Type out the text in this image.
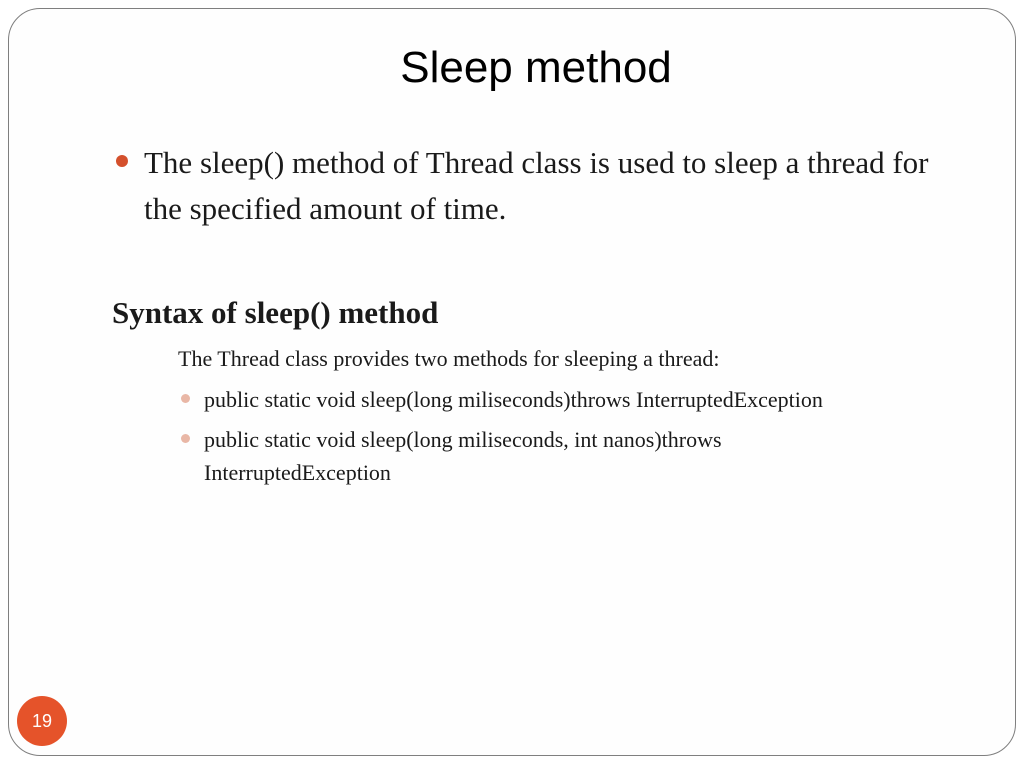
Sleep method
The sleep() method of Thread class is used to sleep a thread for the specified amount of time.
Syntax of sleep() method
The Thread class provides two methods for sleeping a thread:
public static void sleep(long miliseconds)throws InterruptedException
public static void sleep(long miliseconds, int nanos)throws InterruptedException
19
